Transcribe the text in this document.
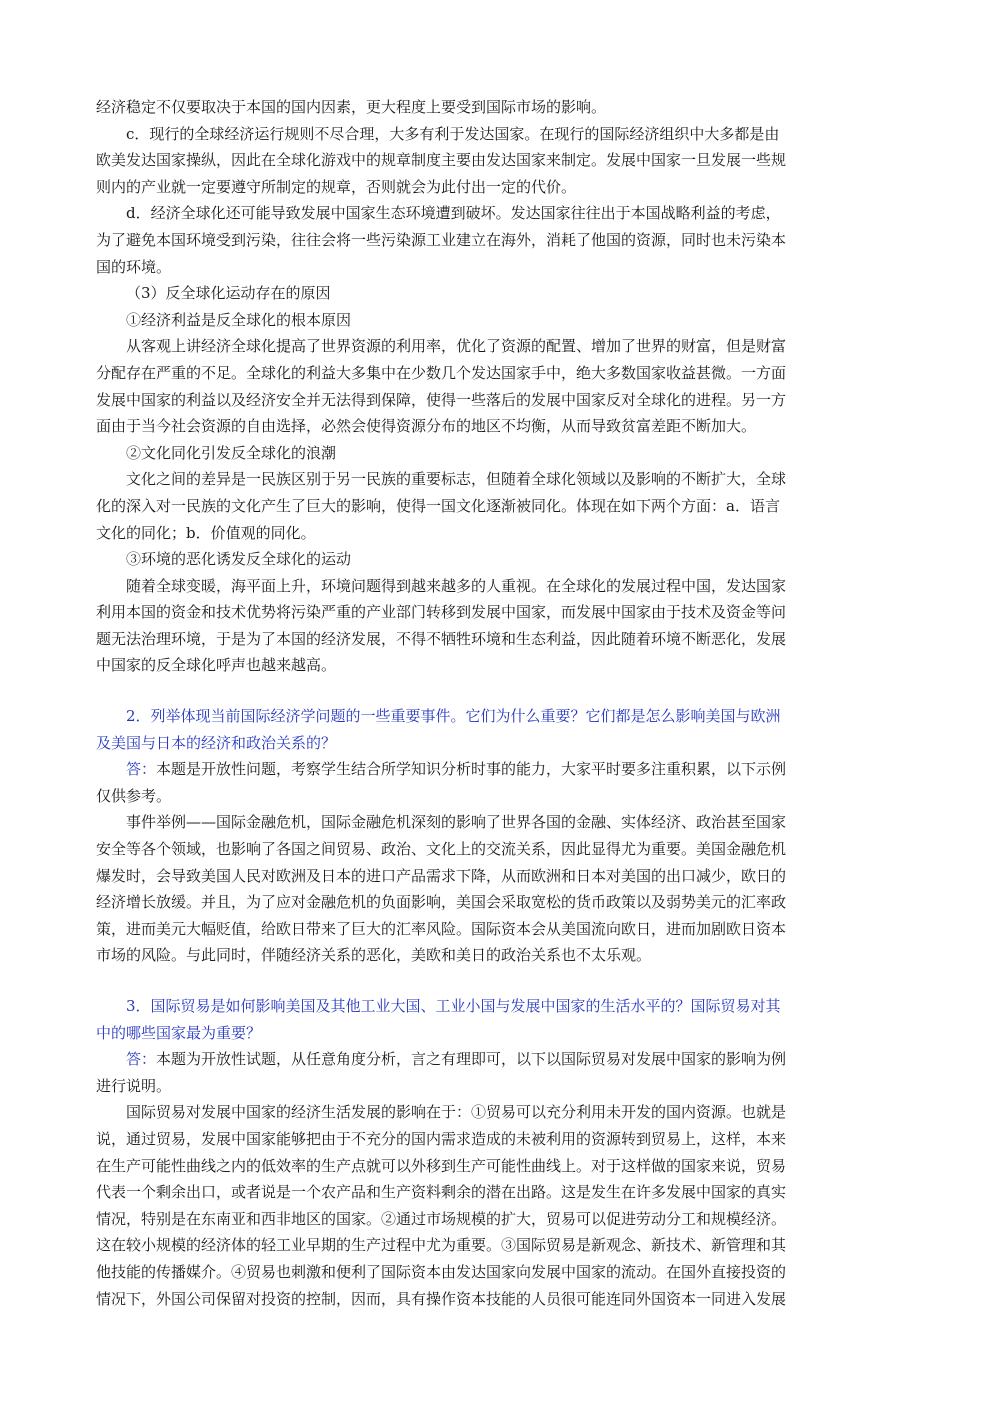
经济稳定不仅要取决于本国的国内因素，更大程度上要受到国际市场的影响。
c．现行的全球经济运行规则不尽合理，大多有利于发达国家。在现行的国际经济组织中大多都是由
欧美发达国家操纵，因此在全球化游戏中的规章制度主要由发达国家来制定。发展中国家一旦发展一些规
则内的产业就一定要遵守所制定的规章，否则就会为此付出一定的代价。
d．经济全球化还可能导致发展中国家生态环境遭到破坏。发达国家往往出于本国战略利益的考虑，
为了避免本国环境受到污染，往往会将一些污染源工业建立在海外，消耗了他国的资源，同时也未污染本
国的环境。
（3）反全球化运动存在的原因
①经济利益是反全球化的根本原因
从客观上讲经济全球化提高了世界资源的利用率，优化了资源的配置、增加了世界的财富，但是财富
分配存在严重的不足。全球化的利益大多集中在少数几个发达国家手中，绝大多数国家收益甚微。一方面
发展中国家的利益以及经济安全并无法得到保障，使得一些落后的发展中国家反对全球化的进程。另一方
面由于当今社会资源的自由选择，必然会使得资源分布的地区不均衡，从而导致贫富差距不断加大。
②文化同化引发反全球化的浪潮
文化之间的差异是一民族区别于另一民族的重要标志，但随着全球化领域以及影响的不断扩大，全球
化的深入对一民族的文化产生了巨大的影响，使得一国文化逐渐被同化。体现在如下两个方面：a．语言
文化的同化；b．价值观的同化。
③环境的恶化诱发反全球化的运动
随着全球变暖，海平面上升，环境问题得到越来越多的人重视。在全球化的发展过程中国，发达国家
利用本国的资金和技术优势将污染严重的产业部门转移到发展中国家，而发展中国家由于技术及资金等问
题无法治理环境，于是为了本国的经济发展，不得不牺牲环境和生态利益，因此随着环境不断恶化，发展
中国家的反全球化呼声也越来越高。
2．列举体现当前国际经济学问题的一些重要事件。它们为什么重要？它们都是怎么影响美国与欧洲
及美国与日本的经济和政治关系的？
答：本题是开放性问题，考察学生结合所学知识分析时事的能力，大家平时要多注重积累，以下示例
仅供参考。
事件举例——国际金融危机，国际金融危机深刻的影响了世界各国的金融、实体经济、政治甚至国家
安全等各个领域，也影响了各国之间贸易、政治、文化上的交流关系，因此显得尤为重要。美国金融危机
爆发时，会导致美国人民对欧洲及日本的进口产品需求下降，从而欧洲和日本对美国的出口减少，欧日的
经济增长放缓。并且，为了应对金融危机的负面影响，美国会采取宽松的货币政策以及弱势美元的汇率政
策，进而美元大幅贬值，给欧日带来了巨大的汇率风险。国际资本会从美国流向欧日，进而加剧欧日资本
市场的风险。与此同时，伴随经济关系的恶化，美欧和美日的政治关系也不太乐观。
3．国际贸易是如何影响美国及其他工业大国、工业小国与发展中国家的生活水平的？国际贸易对其
中的哪些国家最为重要？
答：本题为开放性试题，从任意角度分析，言之有理即可，以下以国际贸易对发展中国家的影响为例
进行说明。
国际贸易对发展中国家的经济生活发展的影响在于：①贸易可以充分利用未开发的国内资源。也就是
说，通过贸易，发展中国家能够把由于不充分的国内需求造成的未被利用的资源转到贸易上，这样，本来
在生产可能性曲线之内的低效率的生产点就可以外移到生产可能性曲线上。对于这样做的国家来说，贸易
代表一个剩余出口，或者说是一个农产品和生产资料剩余的潜在出路。这是发生在许多发展中国家的真实
情况，特别是在东南亚和西非地区的国家。②通过市场规模的扩大，贸易可以促进劳动分工和规模经济。
这在较小规模的经济体的轻工业早期的生产过程中尤为重要。③国际贸易是新观念、新技术、新管理和其
他技能的传播媒介。④贸易也刺激和便利了国际资本由发达国家向发展中国家的流动。在国外直接投资的
情况下，外国公司保留对投资的控制，因而，具有操作资本技能的人员很可能连同外国资本一同进入发展
